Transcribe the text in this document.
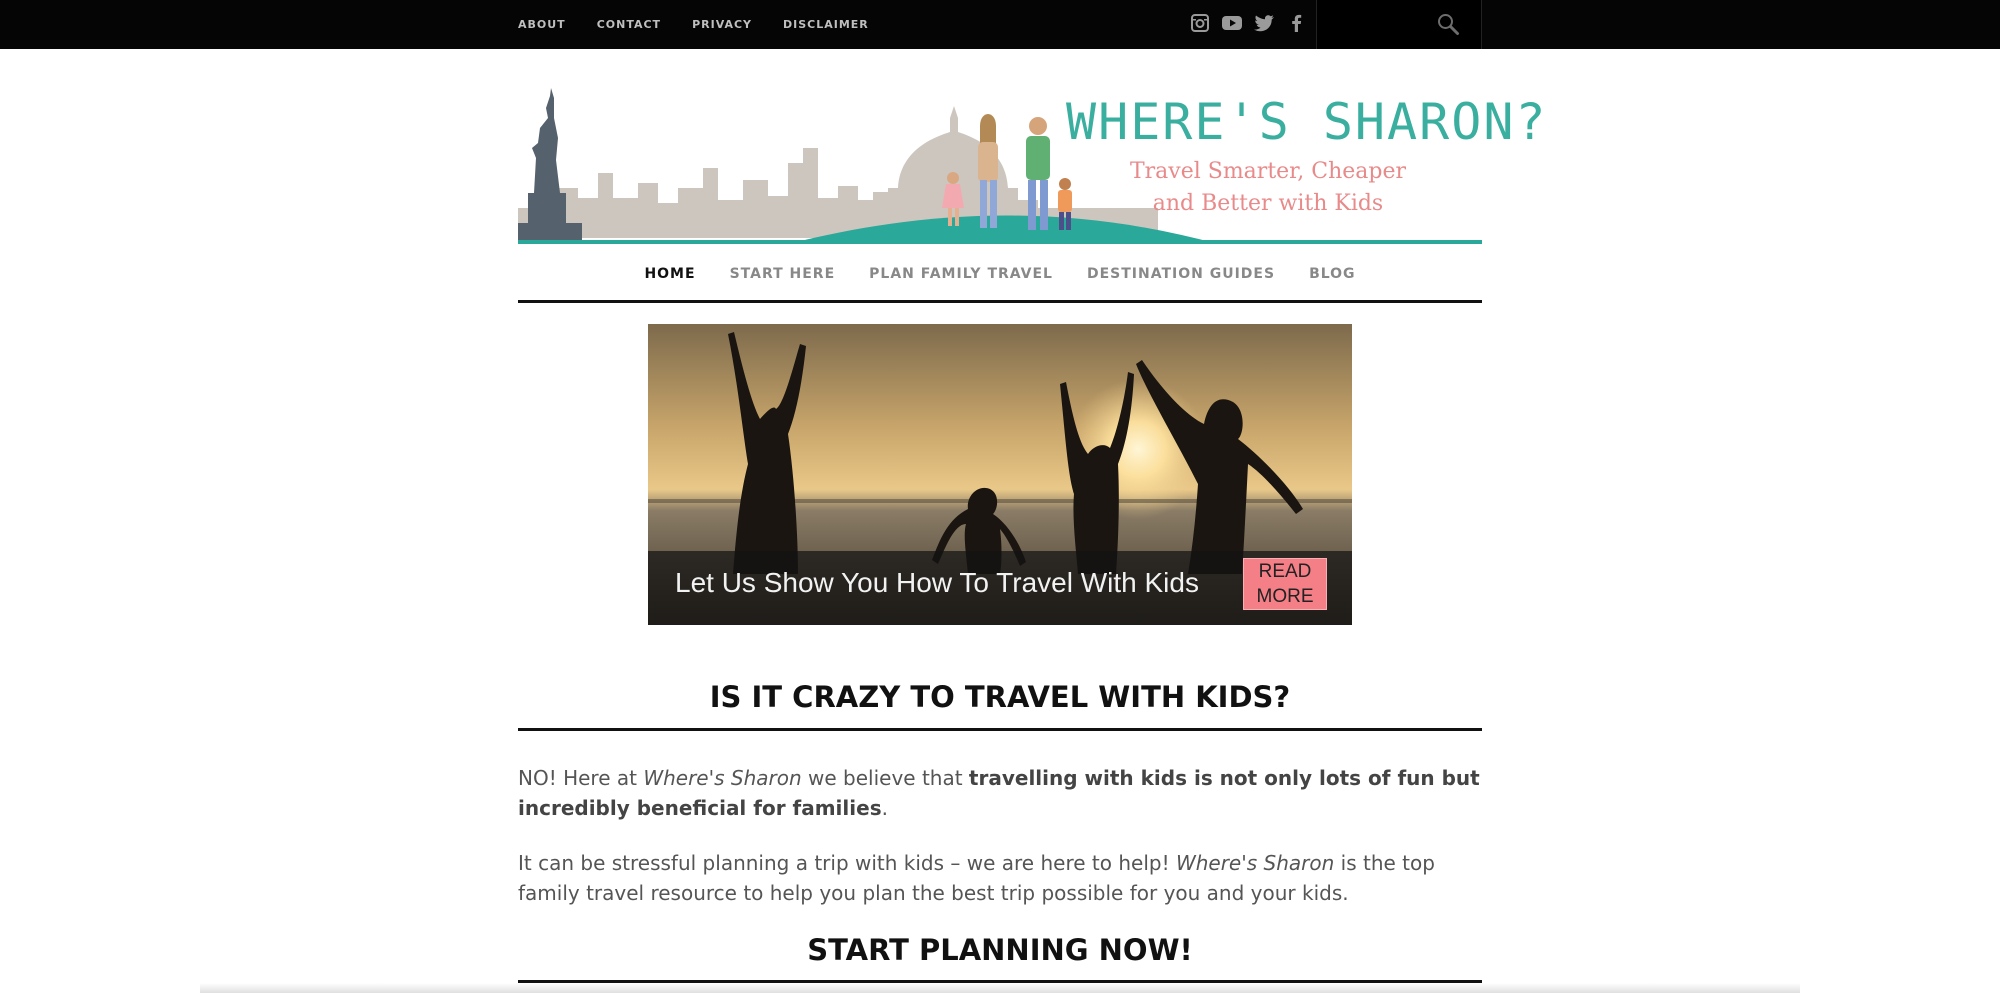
ABOUT	CONTACT	PRIVACY	DISCLAIMER
WHERE'S SHARON?
Travel Smarter, Cheaper
and Better with Kids
HOME START HERE PLAN FAMILY TRAVEL DESTINATION GUIDES BLOG
Let Us Show You How To Travel With Kids	READ
MORE
IS IT CRAZY TO TRAVEL WITH KIDS?

NO! Here at Where's Sharon we believe that travelling with kids is not only lots of fun but incredibly beneficial for families.

It can be stressful planning a trip with kids – we are here to help! Where's Sharon is the top family travel resource to help you plan the best trip possible for you and your kids.

START PLANNING NOW!
